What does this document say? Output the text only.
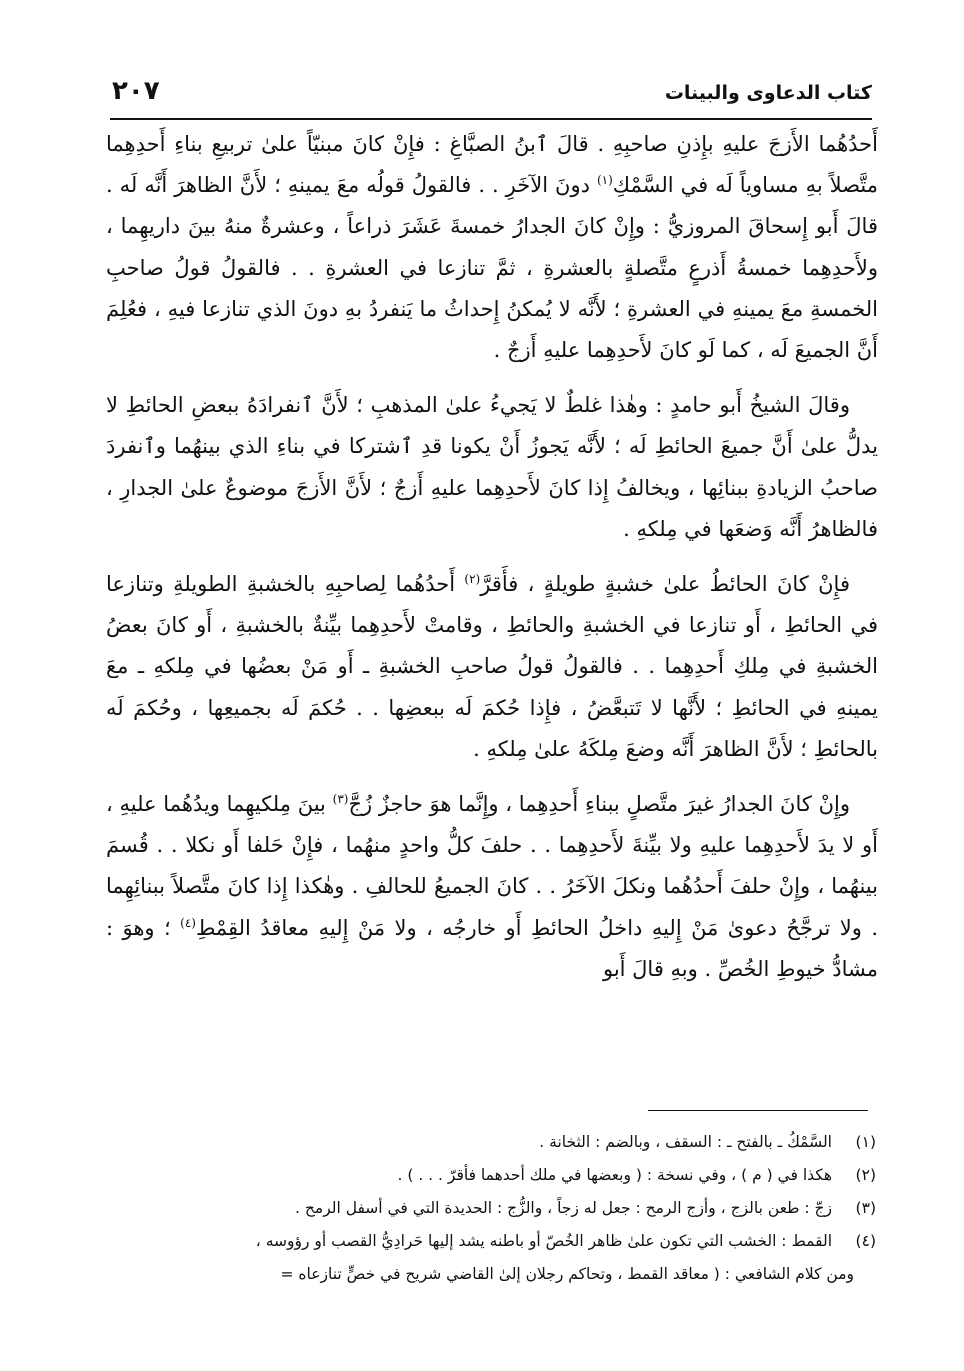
كتاب الدعاوى والبينات
٢٠٧

أَحدُهُما الأَزجَ عليهِ بإِذنِ صاحبِهِ . قالَ ٱبنُ الصبَّاغِ : فإِنْ كانَ مبنيّاً علىٰ تربيعِ بناءِ أَحدِهِما متَّصلاً بهِ مساوياً لَه في السَّمْكِ$^{(١)}$ دونَ الآخَرِ . . فالقولُ قولُه معَ يمينهِ ؛ لأَنَّ الظاهرَ أَنَّه لَه . قالَ أَبو إِسحاقَ المروزيُّ : وإِنْ كانَ الجدارُ خمسةَ عَشَرَ ذراعاً ، وعشرةٌ منهُ بينَ داريهِما ، ولأَحدِهِما خمسةُ أَذرعٍ متَّصلةٍ بالعشرةِ ، ثمَّ تنازعا في العشرةِ . . فالقولُ قولُ صاحبِ الخمسةِ معَ يمينهِ في العشرةِ ؛ لأَنَّه لا يُمكنُ إِحداثُ ما يَنفردُ بهِ دونَ الذي تنازعا فيهِ ، فعُلِمَ أَنَّ الجميعَ لَه ، كما لَو كانَ لأَحدِهِما عليهِ أَزجٌ .

وقالَ الشيخُ أَبو حامدٍ : وهٰذا غلطٌ لا يَجيءُ علىٰ المذهبِ ؛ لأَنَّ ٱنفرادَهُ ببعضِ الحائطِ لا يدلُّ علىٰ أَنَّ جميعَ الحائطِ لَه ؛ لأَنَّه يَجوزُ أَنْ يكونا قدِ ٱشتركا في بناءِ الذي بينهُما وٱنفردَ صاحبُ الزيادةِ ببنائِها ، ويخالفُ إِذا كانَ لأَحدِهِما عليهِ أَزجٌ ؛ لأَنَّ الأَزجَ موضوعٌ علىٰ الجدارِ ، فالظاهرُ أَنَّه وَضعَها في مِلكهِ .

فإِنْ كانَ الحائطُ علىٰ خشبةٍ طويلةٍ ، فأَقرَّ$^{(٢)}$ أَحدُهُما لِصاحبِهِ بالخشبةِ الطويلةِ وتنازعا في الحائطِ ، أَو تنازعا في الخشبةِ والحائطِ ، وقامتْ لأَحدِهِما بيِّنةٌ بالخشبةِ ، أَو كانَ بعضُ الخشبةِ في مِلكِ أَحدِهِما . . فالقولُ قولُ صاحبِ الخشبةِ ـ أَو مَنْ بعضُها في مِلكهِ ـ معَ يمينهِ في الحائطِ ؛ لأَنَّها لا تَتبعَّضُ ، فإِذا حُكمَ لَه ببعضِها . . حُكمَ لَه بجميعِها ، وحُكمَ لَه بالحائطِ ؛ لأَنَّ الظاهرَ أَنَّه وضعَ مِلكَهُ علىٰ مِلكهِ .

وإِنْ كانَ الجدارُ غيرَ متَّصلٍ ببناءِ أَحدِهِما ، وإِنَّما هوَ حاجزٌ زُجَّ$^{(٣)}$ بينَ مِلكيهِما ويدُهُما عليهِ ، أَو لا يدَ لأَحدِهِما عليهِ ولا بيِّنةَ لأَحدِهِما . . حلفَ كلُّ واحدٍ منهُما ، فإِنْ حَلفا أَو نكلا . . قُسمَ بينهُما ، وإِنْ حلفَ أَحدُهُما ونكلَ الآخَرُ . . كانَ الجميعُ للحالفِ . وهٰكذا إِذا كانَ متَّصلاً ببنائِهِما . ولا ترجَّحُ دعوىٰ مَنْ إِليهِ داخلُ الحائطِ أَو خارجُه ، ولا مَنْ إِليهِ معاقدُ القِمْطِ$^{(٤)}$ ؛ وهوَ : مشادُّ خيوطِ الخُصِّ . وبهِ قالَ أَبو

(١)
السَّمْكُ ـ بالفتح ـ : السقف ، وبالضم : الثخانة .
(٢)
هكذا في ( م ) ، وفي نسخة : ( وبعضها في ملك أحدهما فأقرّ . . . ) .
(٣)
زجّ : طعن بالزج ، وأزج الرمح : جعل له زجاً ، والزُّج : الحديدة التي في أسفل الرمح .
(٤)
القمط : الخشب التي تكون علىٰ ظاهر الخُصّ أو باطنه يشد إليها حَرادِيُّ القصب أو رؤوسه ،
ومن كلام الشافعي : ( معاقد القمط ، وتحاكم رجلان إلىٰ القاضي شريح في خصٍّ تنازعاه =
